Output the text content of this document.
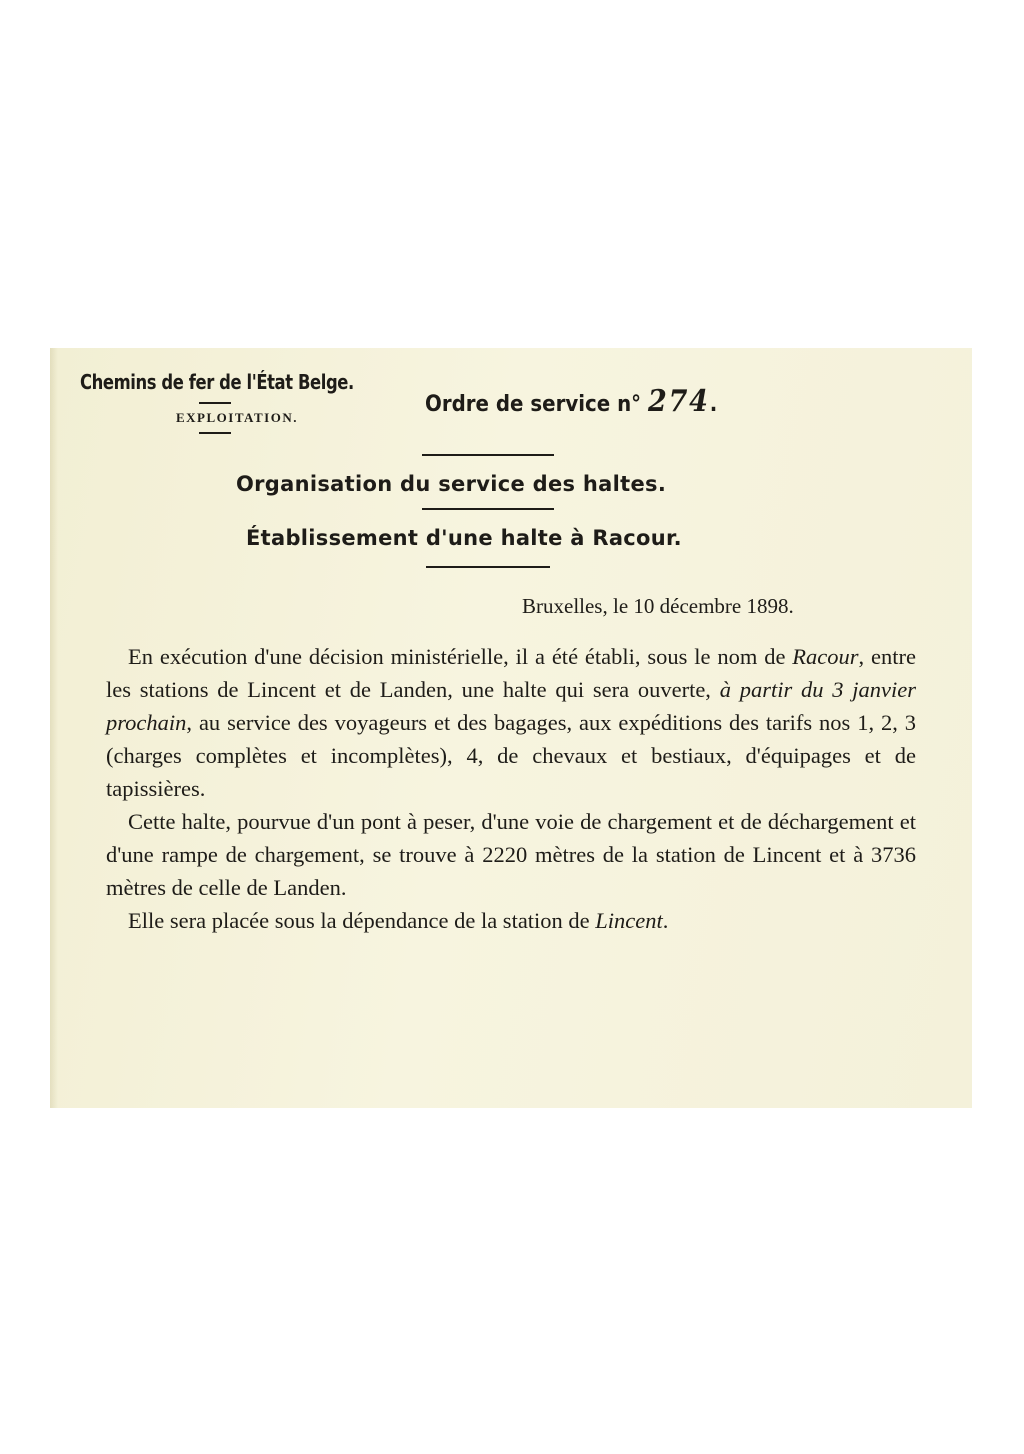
Chemins de fer de l'État Belge.
EXPLOITATION.
Ordre de service n° 274.
Organisation du service des haltes.
Établissement d'une halte à Racour.
Bruxelles, le 10 décembre 1898.

En exécution d'une décision ministérielle, il a été établi, sous le nom de Racour, entre les stations de Lincent et de Landen, une halte qui sera ouverte, à partir du 3 janvier prochain, au service des voyageurs et des bagages, aux expéditions des tarifs nos 1, 2, 3 (charges complètes et incomplètes), 4, de chevaux et bestiaux, d'équipages et de tapissières.

Cette halte, pourvue d'un pont à peser, d'une voie de chargement et de déchargement et d'une rampe de chargement, se trouve à 2220 mètres de la station de Lincent et à 3736 mètres de celle de Landen.

Elle sera placée sous la dépendance de la station de Lincent.
